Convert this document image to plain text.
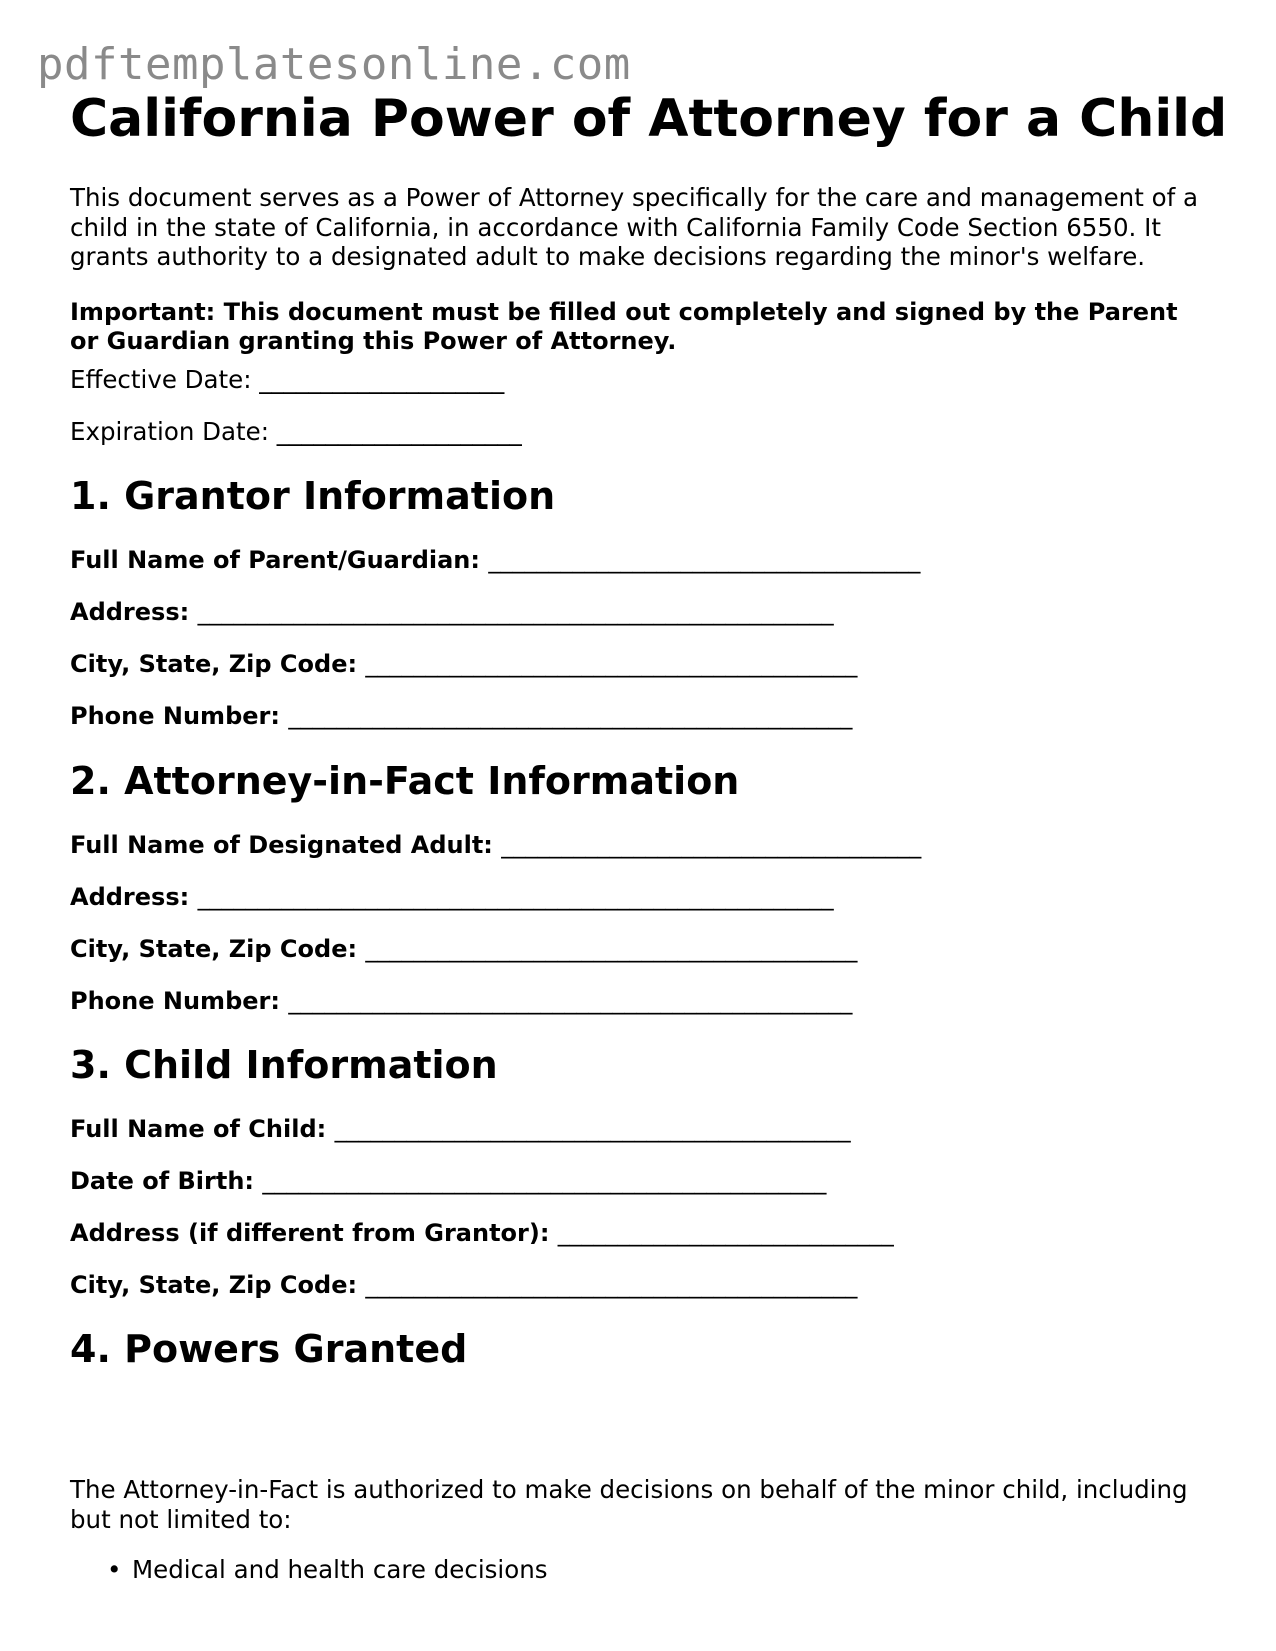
pdftemplatesonline.com
California Power of Attorney for a Child

This document serves as a Power of Attorney specifically for the care and management of a child in the state of California, in accordance with California Family Code Section 6550. It grants authority to a designated adult to make decisions regarding the minor's welfare.

Important: This document must be filled out completely and signed by the Parent or Guardian granting this Power of Attorney.

Effective Date: ____________________

Expiration Date: ____________________

1. Grantor Information

Full Name of Parent/Guardian: ____________________________________

Address: _____________________________________________________

City, State, Zip Code: _________________________________________

Phone Number: _______________________________________________

2. Attorney-in-Fact Information

Full Name of Designated Adult: ___________________________________

Address: _____________________________________________________

City, State, Zip Code: _________________________________________

Phone Number: _______________________________________________

3. Child Information

Full Name of Child: ___________________________________________

Date of Birth: _______________________________________________

Address (if different from Grantor): ____________________________

City, State, Zip Code: _________________________________________

4. Powers Granted

The Attorney-in-Fact is authorized to make decisions on behalf of the minor child, including but not limited to:

• Medical and health care decisions
